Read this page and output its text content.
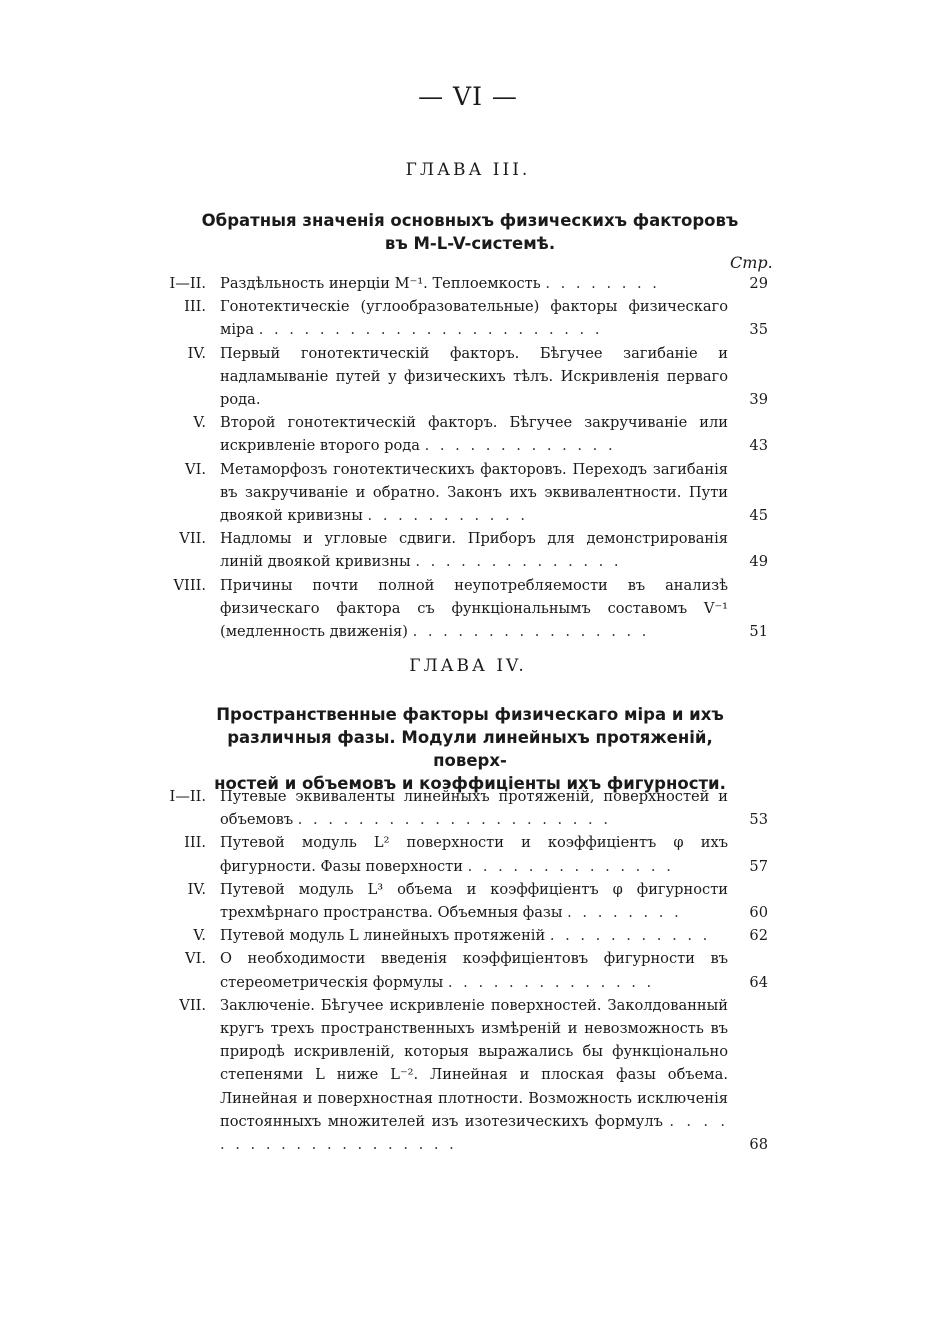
— VI —
ГЛАВА III.
Обратныя значенія основныхъ физическихъ факторовъ
въ M-L-V-системѣ.
Стр.
I—II. Раздѣльность инерціи M⁻¹. Теплоемкость . . . . . . . .	29
III. Гонотектическіе (углообразовательные) факторы физическаго міра . . . . . . . . . . . . . . . . . . . . . . .	35
IV. Первый гонотектическій факторъ. Бѣгучее загибаніе и надламываніе путей у физическихъ тѣлъ. Искривленія перваго рода.	39
V. Второй гонотектическій факторъ. Бѣгучее закручиваніе или искривленіе второго рода . . . . . . . . . . . . .	43
VI. Метаморфозъ гонотектическихъ факторовъ. Переходъ загибанія въ закручиваніе и обратно. Законъ ихъ эквивалентности. Пути двоякой кривизны . . . . . . . . . . .	45
VII. Надломы и угловые сдвиги. Приборъ для демонстрированія линій двоякой кривизны . . . . . . . . . . . . . .	49
VIII. Причины почти полной неупотребляемости въ анализѣ физическаго фактора съ функціональнымъ составомъ V⁻¹ (медленность движенія) . . . . . . . . . . . . . . . .	51
ГЛАВА IV.
Пространственные факторы физическаго міра и ихъ
различныя фазы. Модули линейныхъ протяженій, поверх-
ностей и объемовъ и коэффиціенты ихъ фигурности.
I—II. Путевые эквиваленты линейныхъ протяженій, поверхностей и объемовъ . . . . . . . . . . . . . . . . . . . . .	53
III. Путевой модуль L² поверхности и коэффиціентъ φ ихъ фигурности. Фазы поверхности . . . . . . . . . . . . . .	57
IV. Путевой модуль L³ объема и коэффиціентъ φ фигурности трехмѣрнаго пространства. Объемныя фазы . . . . . . . .	60
V. Путевой модуль L линейныхъ протяженій . . . . . . . . . . .	62
VI. О необходимости введенія коэффиціентовъ фигурности въ стереометрическія формулы . . . . . . . . . . . . . .	64
VII. Заключеніе. Бѣгучее искривленіе поверхностей. Заколдованный кругъ трехъ пространственныхъ измѣреній и невозможность въ природѣ искривленій, которыя выражались бы функціонально степенями L ниже L⁻². Линейная и плоская фазы объема. Линейная и поверхностная плотности. Возможность исключенія постоянныхъ множителей изъ изотезическихъ формулъ . . . . . . . . . . . . . . . . . . . .	68
